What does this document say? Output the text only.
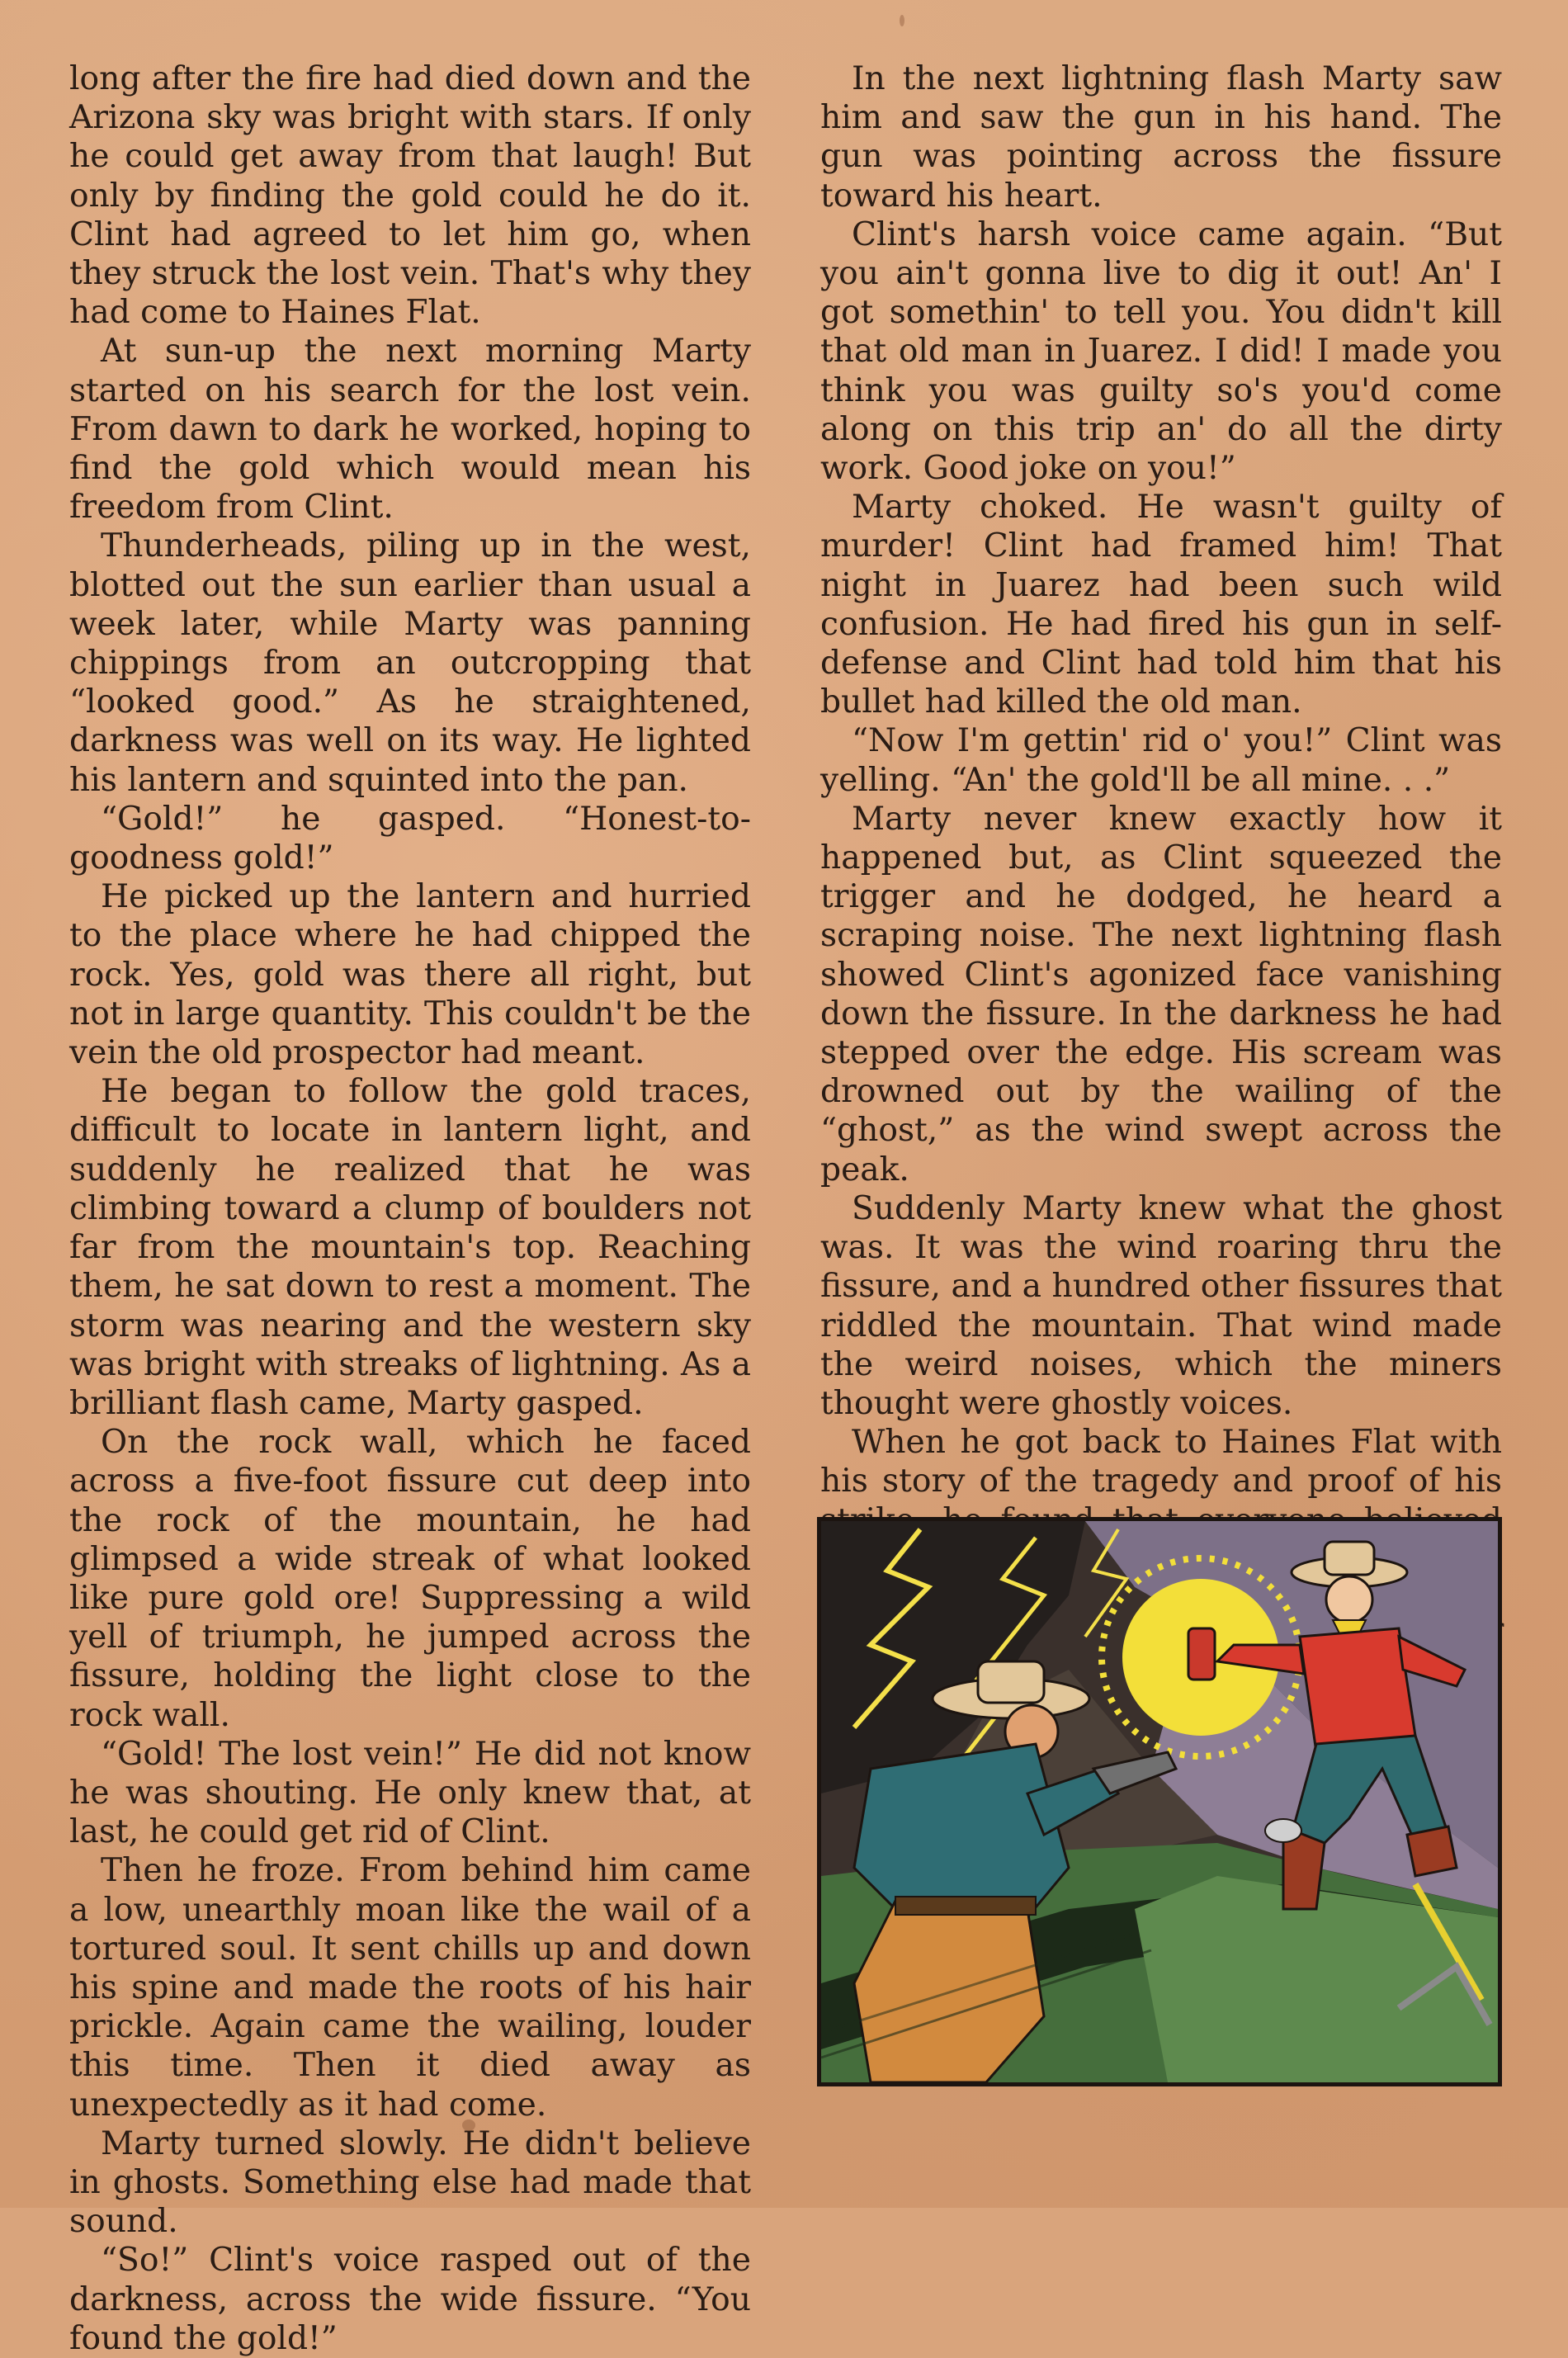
long after the fire had died down and the Arizona sky was bright with stars. If only he could get away from that laugh! But only by finding the gold could he do it. Clint had agreed to let him go, when they struck the lost vein. That's why they had come to Haines Flat.

At sun-up the next morning Marty started on his search for the lost vein. From dawn to dark he worked, hoping to find the gold which would mean his freedom from Clint.

Thunderheads, piling up in the west, blotted out the sun earlier than usual a week later, while Marty was panning chippings from an outcropping that “looked good.” As he straightened, darkness was well on its way. He lighted his lantern and squinted into the pan.

“Gold!” he gasped. “Honest-to-goodness gold!”

He picked up the lantern and hurried to the place where he had chipped the rock. Yes, gold was there all right, but not in large quantity. This couldn't be the vein the old prospector had meant.

He began to follow the gold traces, difficult to locate in lantern light, and suddenly he realized that he was climbing toward a clump of boulders not far from the mountain's top. Reaching them, he sat down to rest a moment. The storm was nearing and the western sky was bright with streaks of lightning. As a brilliant flash came, Marty gasped.

On the rock wall, which he faced across a five-foot fissure cut deep into the rock of the mountain, he had glimpsed a wide streak of what looked like pure gold ore! Suppressing a wild yell of triumph, he jumped across the fissure, holding the light close to the rock wall.

“Gold! The lost vein!” He did not know he was shouting. He only knew that, at last, he could get rid of Clint.

Then he froze. From behind him came a low, unearthly moan like the wail of a tortured soul. It sent chills up and down his spine and made the roots of his hair prickle. Again came the wailing, louder this time. Then it died away as unexpectedly as it had come.

Marty turned slowly. He didn't believe in ghosts. Something else had made that sound.

“So!” Clint's voice rasped out of the darkness, across the wide fissure. “You found the gold!”

In the next lightning flash Marty saw him and saw the gun in his hand. The gun was pointing across the fissure toward his heart.

Clint's harsh voice came again. “But you ain't gonna live to dig it out! An' I got somethin' to tell you. You didn't kill that old man in Juarez. I did! I made you think you was guilty so's you'd come along on this trip an' do all the dirty work. Good joke on you!”

Marty choked. He wasn't guilty of murder! Clint had framed him! That night in Juarez had been such wild confusion. He had fired his gun in self-defense and Clint had told him that his bullet had killed the old man.

“Now I'm gettin' rid o' you!” Clint was yelling. “An' the gold'll be all mine. . .”

Marty never knew exactly how it happened but, as Clint squeezed the trigger and he dodged, he heard a scraping noise. The next lightning flash showed Clint's agonized face vanishing down the fissure. In the darkness he had stepped over the edge. His scream was drowned out by the wailing of the “ghost,” as the wind swept across the peak.

Suddenly Marty knew what the ghost was. It was the wind roaring thru the fissure, and a hundred other fissures that riddled the mountain. That wind made the weird noises, which the miners thought were ghostly voices.

When he got back to Haines Flat with his story of the tragedy and proof of his
